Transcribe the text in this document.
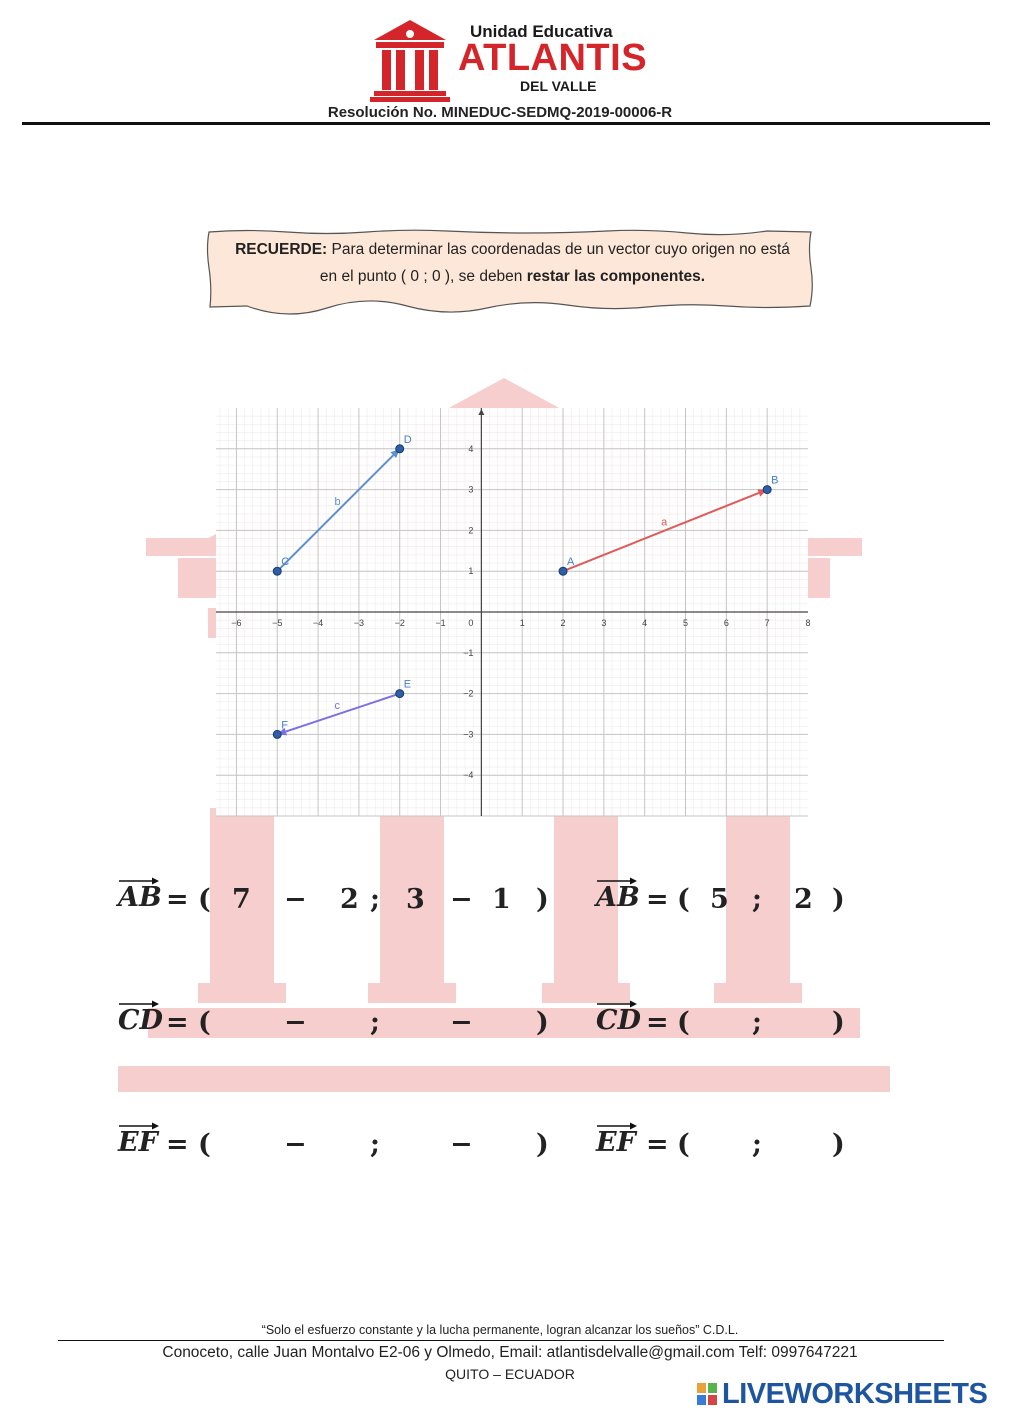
Unidad Educativa
ATLANTIS
DEL VALLE
Resolución No. MINEDUC-SEDMQ-2019-00006-R
RECUERDE: Para determinar las coordenadas de un vector cuyo origen no está en el punto ( 0 ; 0 ), se deben restar las componentes.
−6	−5	−4	−3	−2	−1	1	2	3	4	5	6	7	8
−4
−3
−2
−1
1
2
3
4
0
a
b
c
A
B
C
D
E
F
AB = ( 7 − 2 ; 3 − 1 ) AB = ( 5 ; 2 )
CD = (	− ;	− ) CD = ( ;	)
EF = (	− ;	− ) EF = ( ;	)
“Solo el esfuerzo constante y la lucha permanente, logran alcanzar los sueños” C.D.L.
Conoceto, calle Juan Montalvo E2-06 y Olmedo, Email: atlantisdelvalle@gmail.com Telf: 0997647221
QUITO – ECUADOR
LIVEWORKSHEETS
